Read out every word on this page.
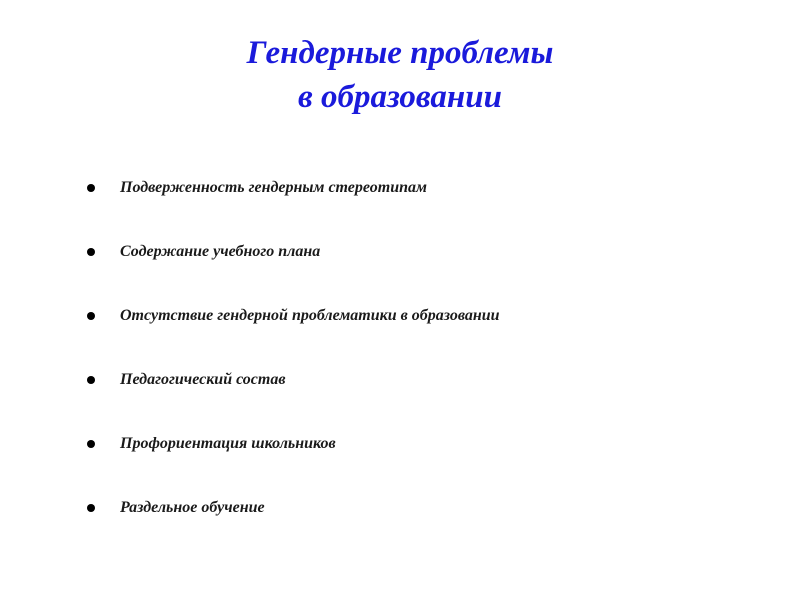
Гендерные проблемы
в образовании
Подверженность гендерным стереотипам
Содержание учебного плана
Отсутствие гендерной проблематики в образовании
Педагогический состав
Профориентация школьников
Раздельное обучение
